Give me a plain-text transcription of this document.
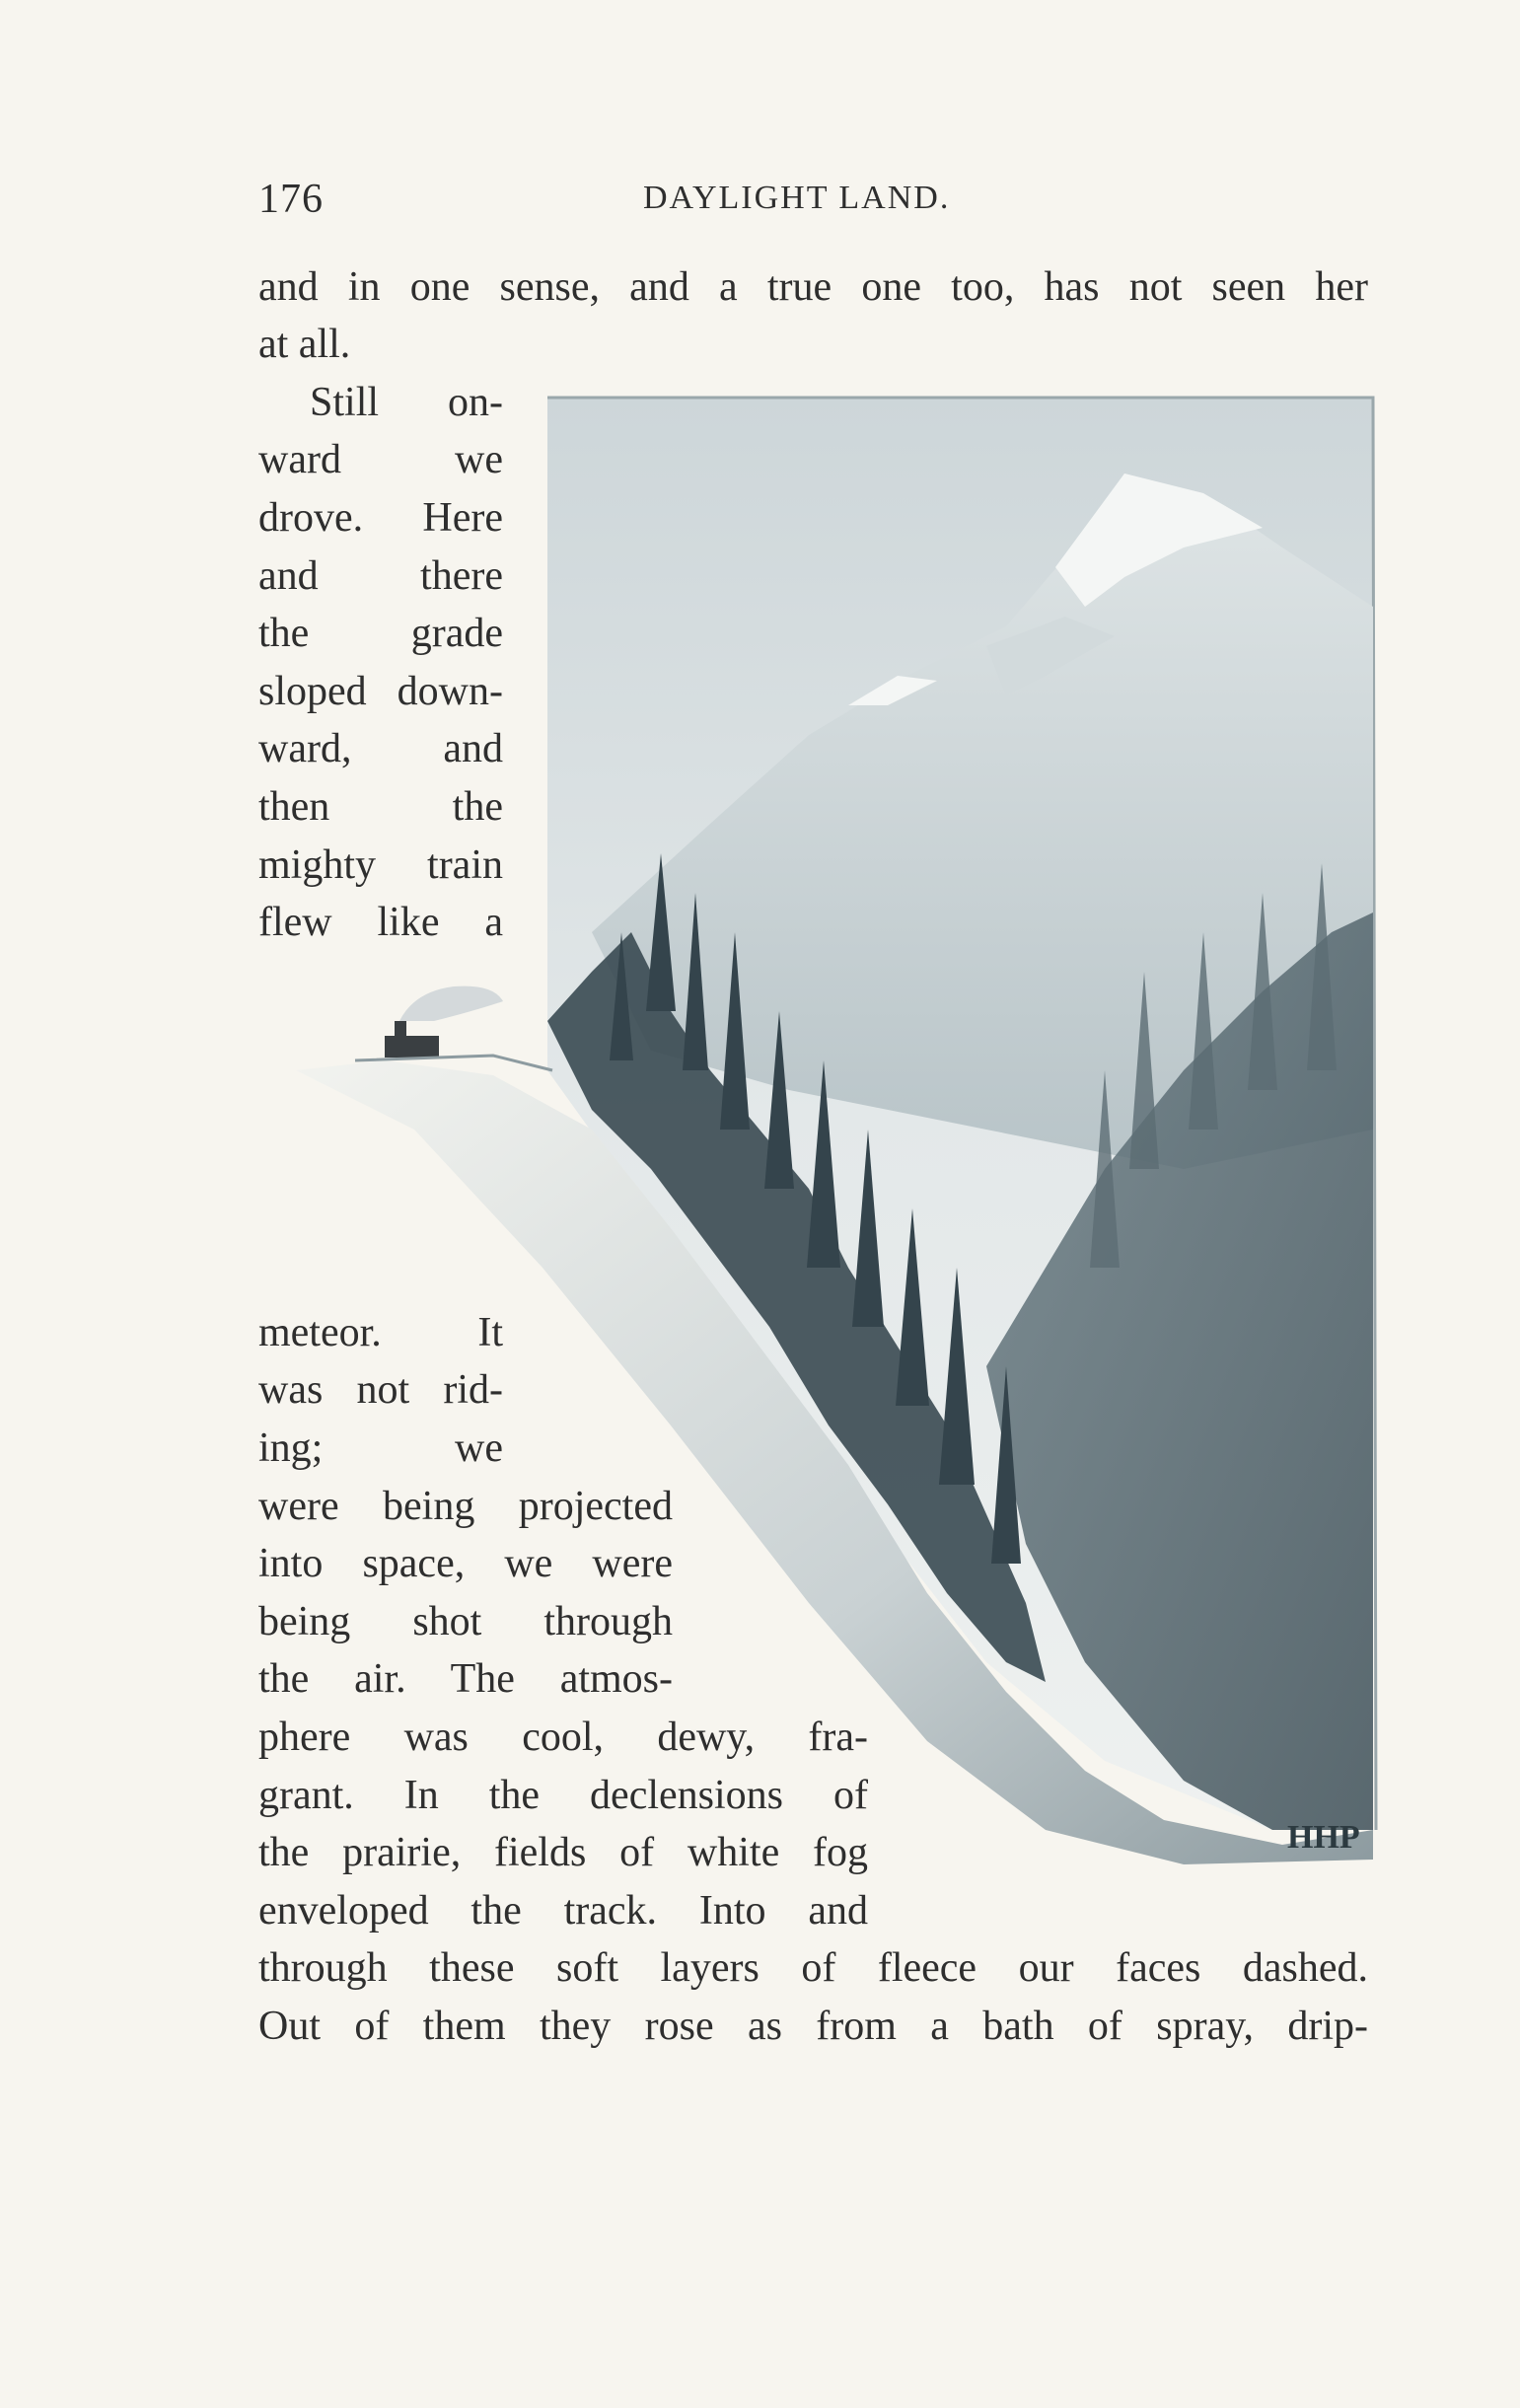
176	DAYLIGHT LAND.
HHP
and in one sense, and a true one too, has not seen her
at all.
Still on-
ward we
drove. Here
and there
the grade
sloped down-
ward, and
then the
mighty train
flew like a
meteor. It
was not rid-
ing; we
were being projected
into space, we were
being shot through
the air. The atmos-
phere was cool, dewy, fra-
grant. In the declensions of
the prairie, fields of white fog
enveloped the track. Into and
through these soft layers of fleece our faces dashed.
Out of them they rose as from a bath of spray, drip-
